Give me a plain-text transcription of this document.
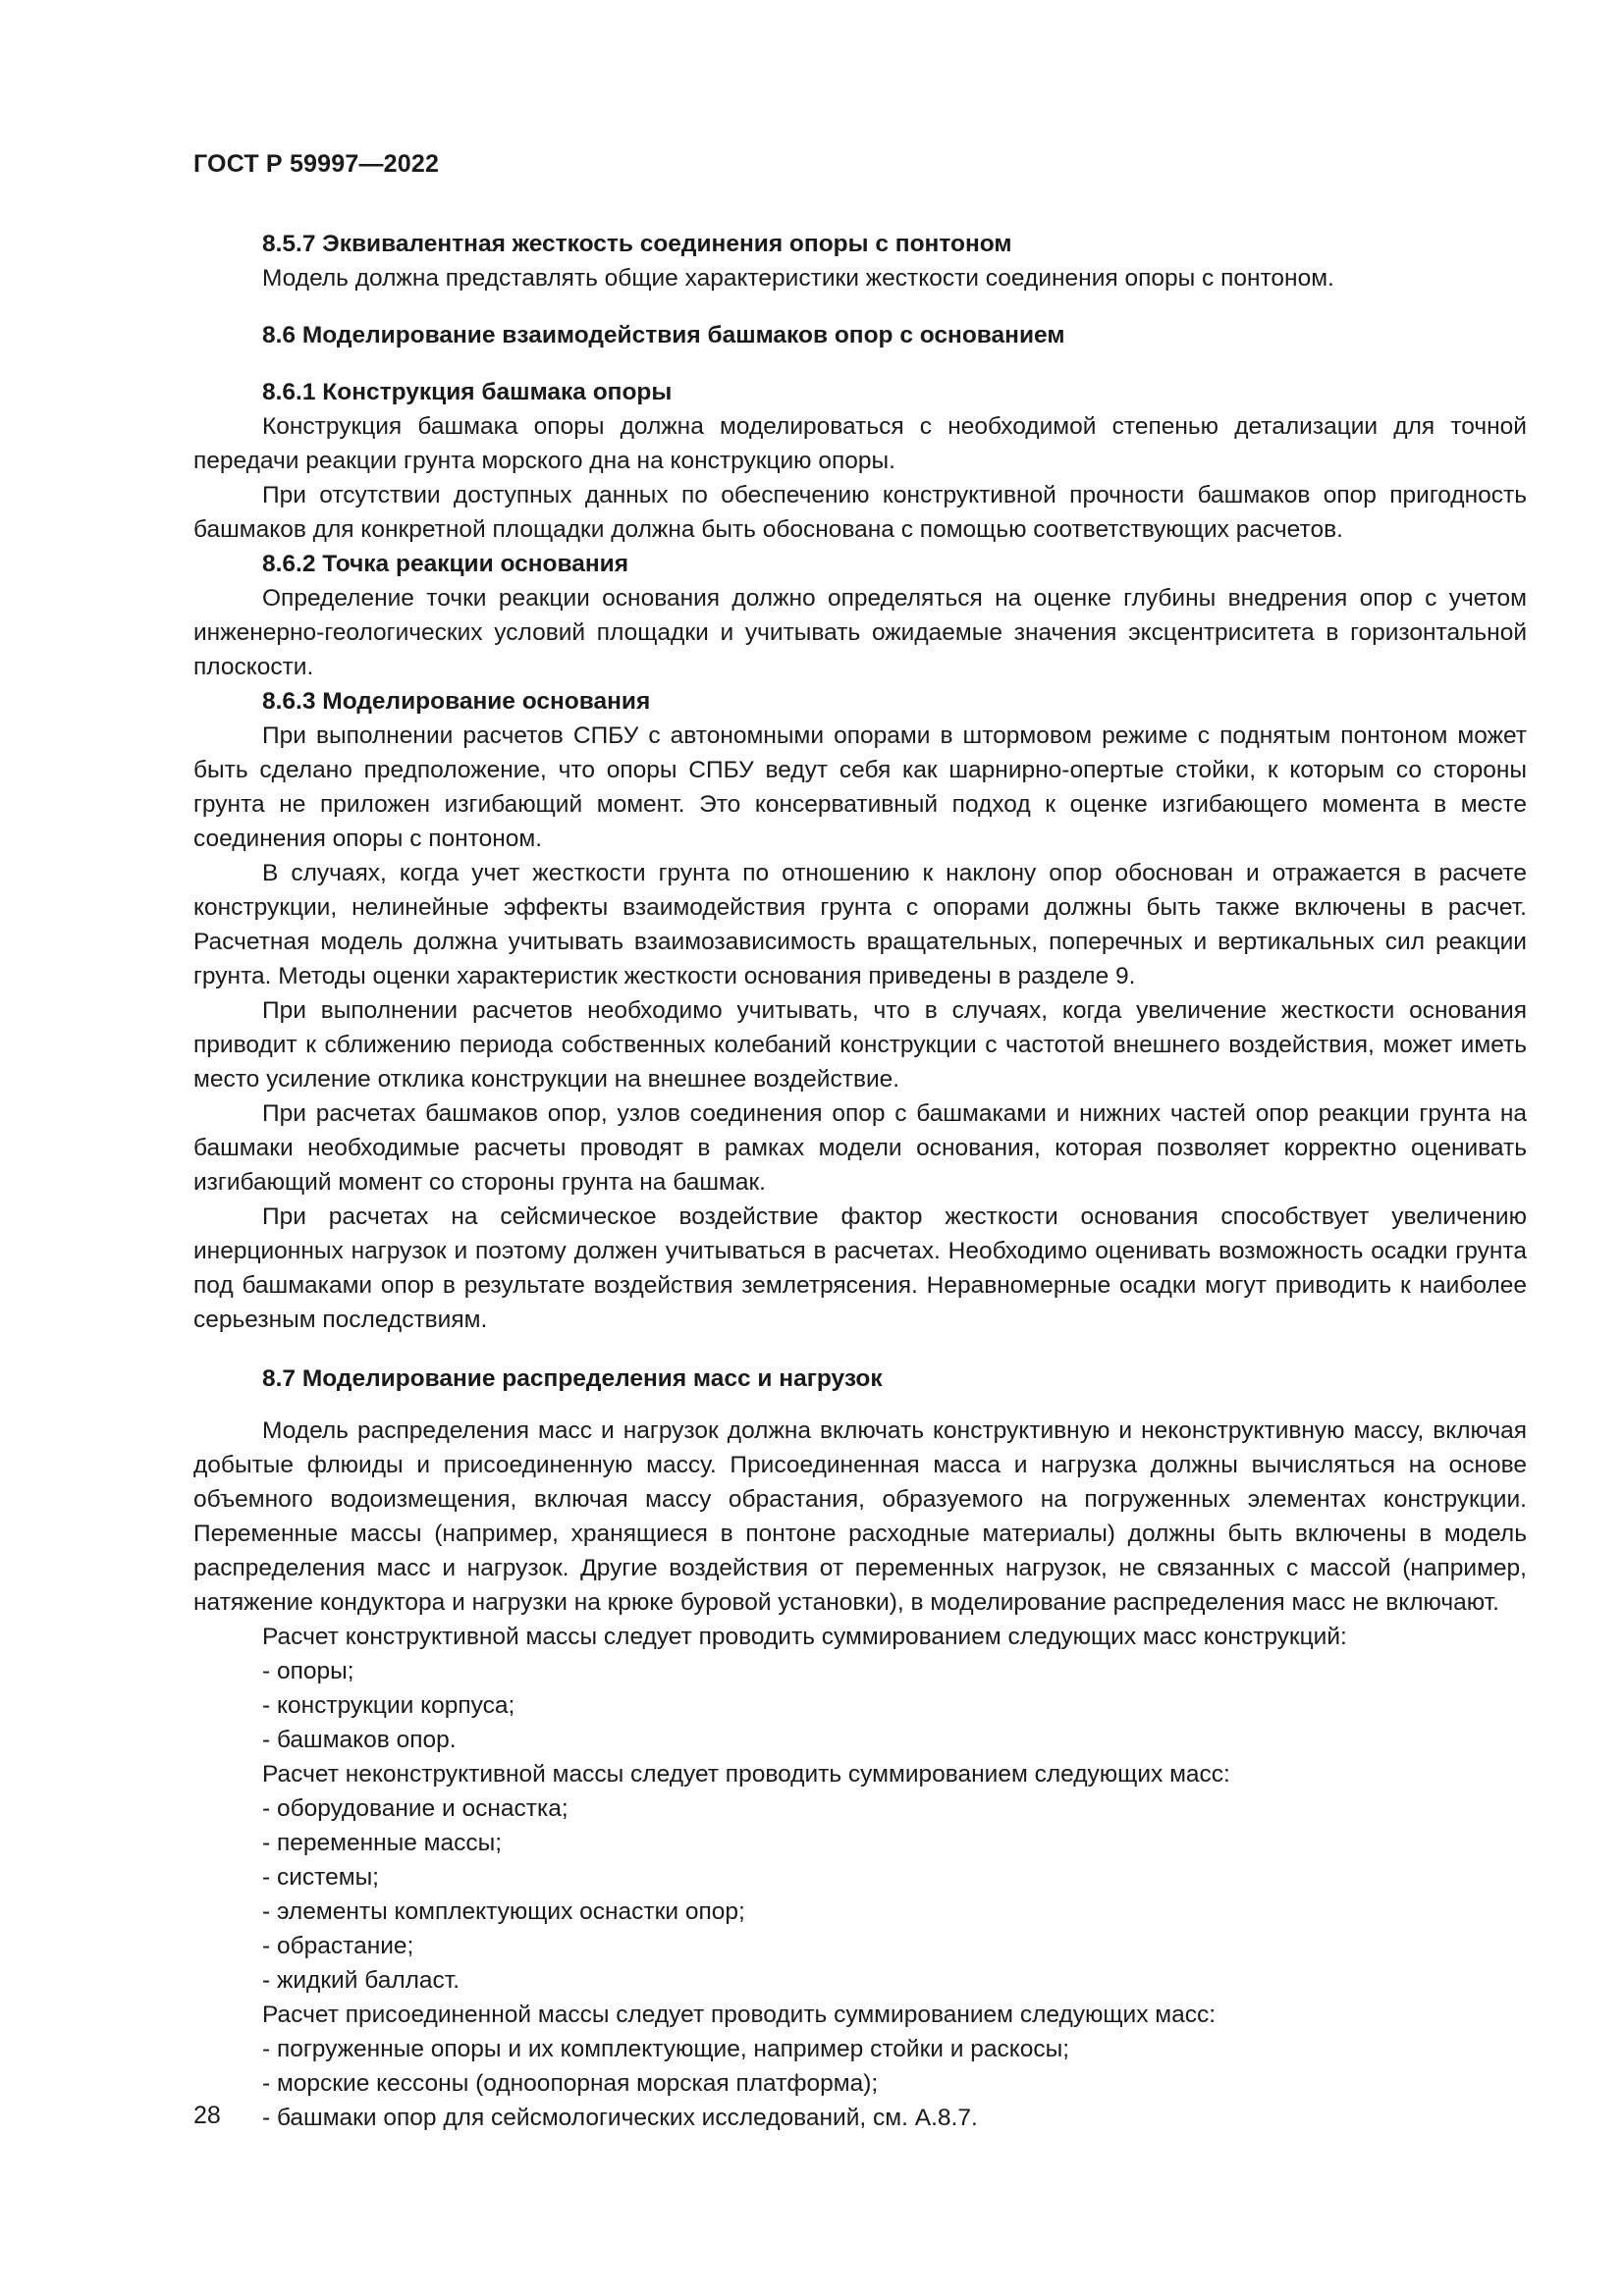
ГОСТ Р 59997—2022

8.5.7 Эквивалентная жесткость соединения опоры с понтоном

Модель должна представлять общие характеристики жесткости соединения опоры с понтоном.

8.6 Моделирование взаимодействия башмаков опор с основанием

8.6.1 Конструкция башмака опоры

Конструкция башмака опоры должна моделироваться с необходимой степенью детализации для точной передачи реакции грунта морского дна на конструкцию опоры.

При отсутствии доступных данных по обеспечению конструктивной прочности башмаков опор пригодность башмаков для конкретной площадки должна быть обоснована с помощью соответствующих расчетов.

8.6.2 Точка реакции основания

Определение точки реакции основания должно определяться на оценке глубины внедрения опор с учетом инженерно-геологических условий площадки и учитывать ожидаемые значения эксцентриситета в горизонтальной плоскости.

8.6.3 Моделирование основания

При выполнении расчетов СПБУ с автономными опорами в штормовом режиме с поднятым понтоном может быть сделано предположение, что опоры СПБУ ведут себя как шарнирно-опертые стойки, к которым со стороны грунта не приложен изгибающий момент. Это консервативный подход к оценке изгибающего момента в месте соединения опоры с понтоном.

В случаях, когда учет жесткости грунта по отношению к наклону опор обоснован и отражается в расчете конструкции, нелинейные эффекты взаимодействия грунта с опорами должны быть также включены в расчет. Расчетная модель должна учитывать взаимозависимость вращательных, поперечных и вертикальных сил реакции грунта. Методы оценки характеристик жесткости основания приведены в разделе 9.

При выполнении расчетов необходимо учитывать, что в случаях, когда увеличение жесткости основания приводит к сближению периода собственных колебаний конструкции с частотой внешнего воздействия, может иметь место усиление отклика конструкции на внешнее воздействие.

При расчетах башмаков опор, узлов соединения опор с башмаками и нижних частей опор реакции грунта на башмаки необходимые расчеты проводят в рамках модели основания, которая позволяет корректно оценивать изгибающий момент со стороны грунта на башмак.

При расчетах на сейсмическое воздействие фактор жесткости основания способствует увеличению инерционных нагрузок и поэтому должен учитываться в расчетах. Необходимо оценивать возможность осадки грунта под башмаками опор в результате воздействия землетрясения. Неравномерные осадки могут приводить к наиболее серьезным последствиям.

8.7 Моделирование распределения масс и нагрузок

Модель распределения масс и нагрузок должна включать конструктивную и неконструктивную массу, включая добытые флюиды и присоединенную массу. Присоединенная масса и нагрузка должны вычисляться на основе объемного водоизмещения, включая массу обрастания, образуемого на погруженных элементах конструкции. Переменные массы (например, хранящиеся в понтоне расходные материалы) должны быть включены в модель распределения масс и нагрузок. Другие воздействия от переменных нагрузок, не связанных с массой (например, натяжение кондуктора и нагрузки на крюке буровой установки), в моделирование распределения масс не включают.

Расчет конструктивной массы следует проводить суммированием следующих масс конструкций:

- опоры;

- конструкции корпуса;

- башмаков опор.

Расчет неконструктивной массы следует проводить суммированием следующих масс:

- оборудование и оснастка;

- переменные массы;

- системы;

- элементы комплектующих оснастки опор;

- обрастание;

- жидкий балласт.

Расчет присоединенной массы следует проводить суммированием следующих масс:

- погруженные опоры и их комплектующие, например стойки и раскосы;

- морские кессоны (одноопорная морская платформа);

- башмаки опор для сейсмологических исследований, см. А.8.7.

28
